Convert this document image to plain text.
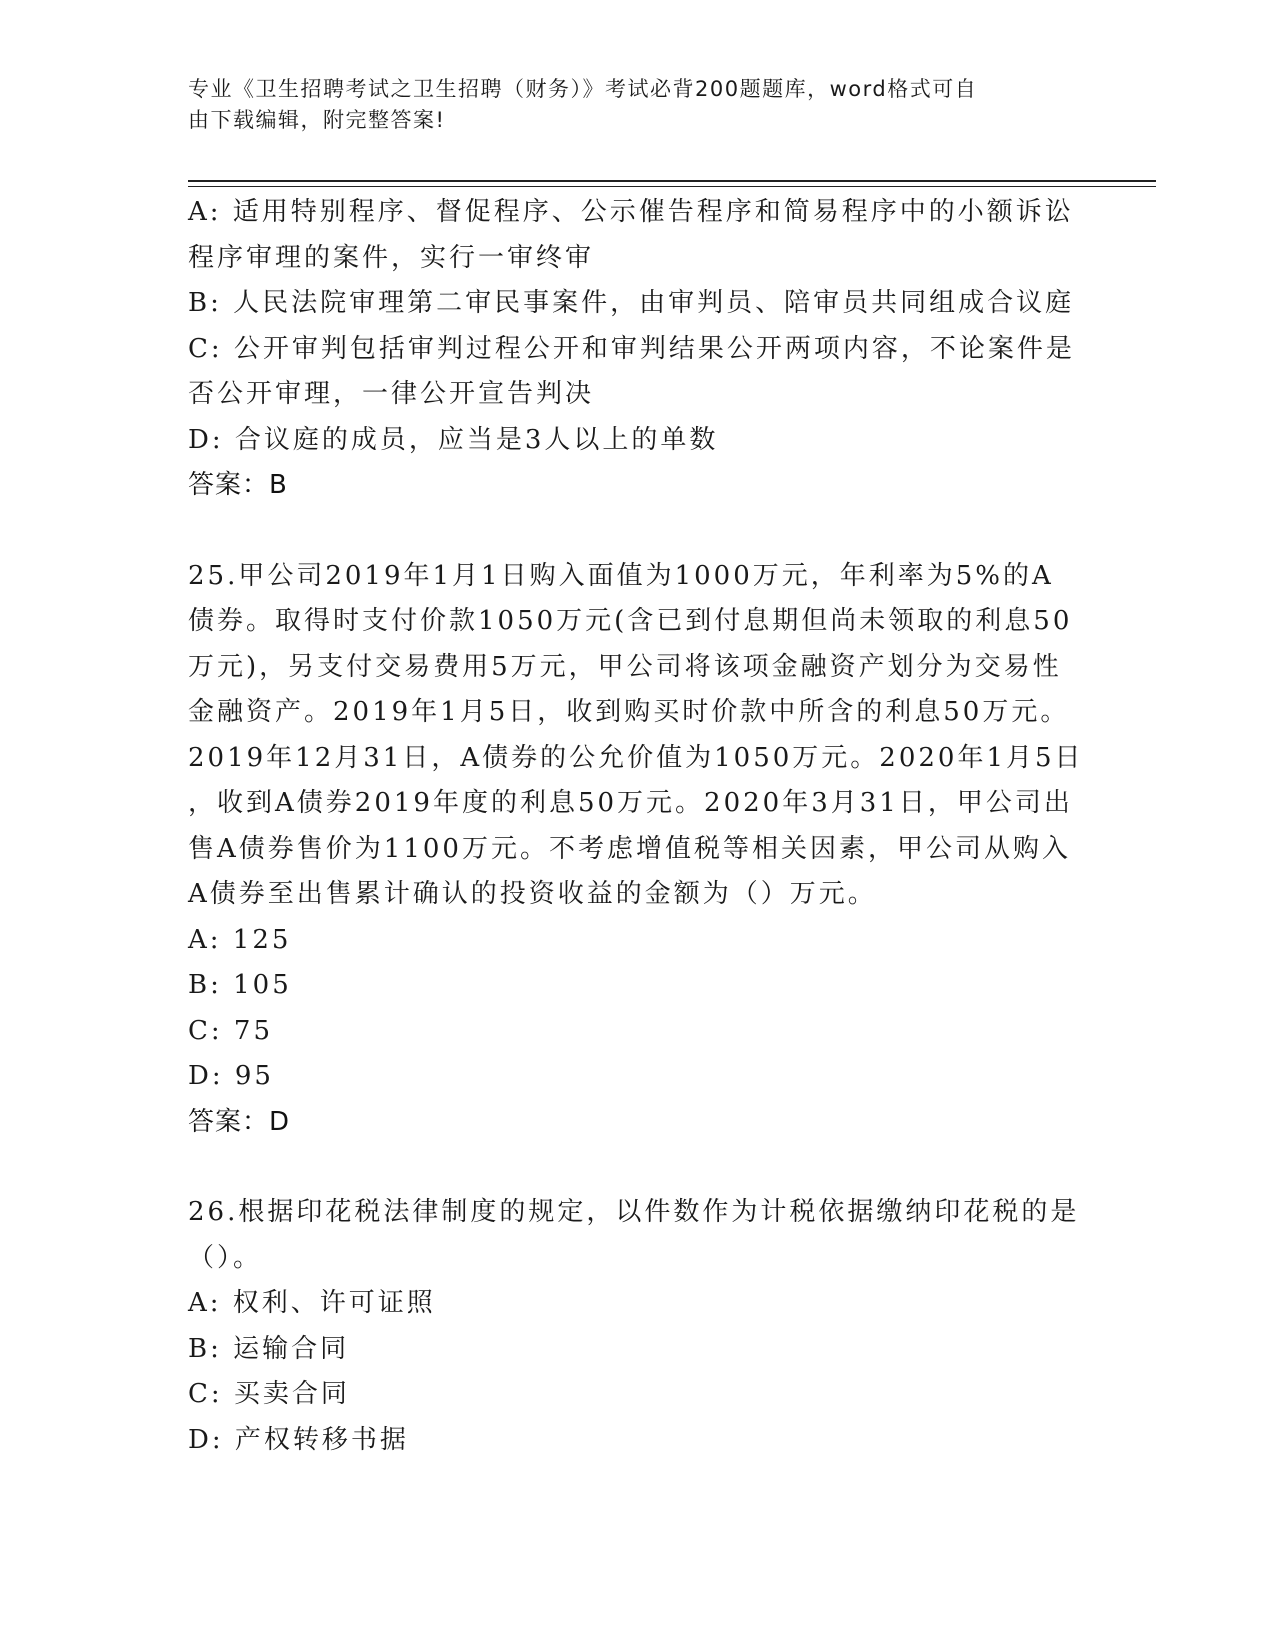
专业《卫生招聘考试之卫生招聘（财务）》考试必背200题题库，word格式可自
由下载编辑，附完整答案!
A: 适用特别程序、督促程序、公示催告程序和简易程序中的小额诉讼
程序审理的案件，实行一审终审
B: 人民法院审理第二审民事案件，由审判员、陪审员共同组成合议庭
C: 公开审判包括审判过程公开和审判结果公开两项内容，不论案件是
否公开审理，一律公开宣告判决
D: 合议庭的成员，应当是3人以上的单数
答案：B
25.甲公司2019年1月1日购入面值为1000万元，年利率为5%的A
债券。取得时支付价款1050万元(含已到付息期但尚未领取的利息50
万元)，另支付交易费用5万元，甲公司将该项金融资产划分为交易性
金融资产。2019年1月5日，收到购买时价款中所含的利息50万元。
2019年12月31日，A债券的公允价值为1050万元。2020年1月5日
，收到A债券2019年度的利息50万元。2020年3月31日，甲公司出
售A债券售价为1100万元。不考虑增值税等相关因素，甲公司从购入
A债券至出售累计确认的投资收益的金额为（）万元。
A: 125
B: 105
C: 75
D: 95
答案：D
26.根据印花税法律制度的规定，以件数作为计税依据缴纳印花税的是
（）。
A: 权利、许可证照
B: 运输合同
C: 买卖合同
D: 产权转移书据
